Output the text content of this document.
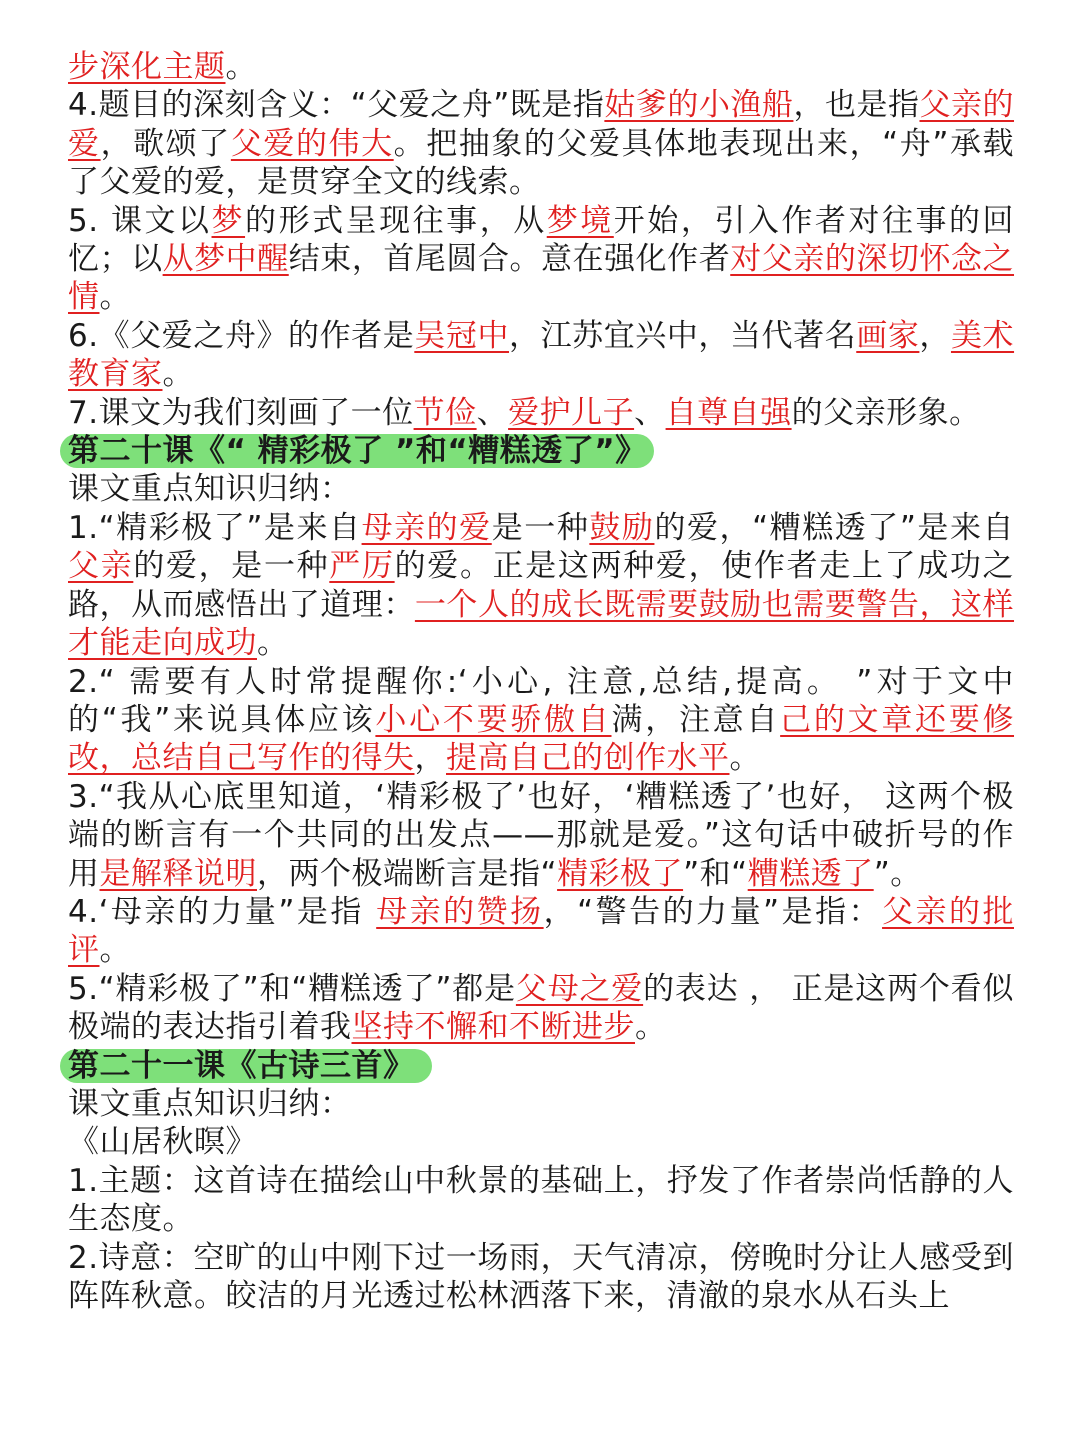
步深化主题。

4.题目的深刻含义：“父爱之舟”既是指姑爹的小渔船，也是指父亲的爱，歌颂了父爱的伟大。把抽象的父爱具体地表现出来，“舟”承载了父爱的爱，是贯穿全文的线索。

5. 课文以梦的形式呈现往事，从梦境开始，引入作者对往事的回忆；以从梦中醒结束，首尾圆合。意在强化作者对父亲的深切怀念之情。

6.《父爱之舟》的作者是吴冠中，江苏宜兴中，当代著名画家，美术教育家。

7.课文为我们刻画了一位节俭、爱护儿子、自尊自强的父亲形象。

第二十课《“ 精彩极了 ”和“糟糕透了”》

课文重点知识归纳：

1.“精彩极了”是来自母亲的爱是一种鼓励的爱，“糟糕透了”是来自父亲的爱，是一种严厉的爱。正是这两种爱，使作者走上了成功之路，从而感悟出了道理：一个人的成长既需要鼓励也需要警告，这样才能走向成功。

2.“ 需要有人时常提醒你:‘小心, 注意,总结,提高。 ”对于文中的“我”来说具体应该小心不要骄傲自满，注意自己的文章还要修改，总结自己写作的得失，提高自己的创作水平。

3.“我从心底里知道，‘精彩极了’也好，‘糟糕透了’也好， 这两个极端的断言有一个共同的出发点——那就是爱。”这句话中破折号的作用是解释说明，两个极端断言是指“精彩极了”和“糟糕透了”。

4.‘母亲的力量”是指 母亲的赞扬，“警告的力量”是指：父亲的批评。

5.“精彩极了”和“糟糕透了”都是父母之爱的表达 ， 正是这两个看似极端的表达指引着我坚持不懈和不断进步。

第二十一课《古诗三首》

课文重点知识归纳：

《山居秋暝》

1.主题：这首诗在描绘山中秋景的基础上，抒发了作者崇尚恬静的人生态度。

2.诗意：空旷的山中刚下过一场雨，天气清凉，傍晚时分让人感受到阵阵秋意。皎洁的月光透过松林洒落下来，清澈的泉水从石头上
